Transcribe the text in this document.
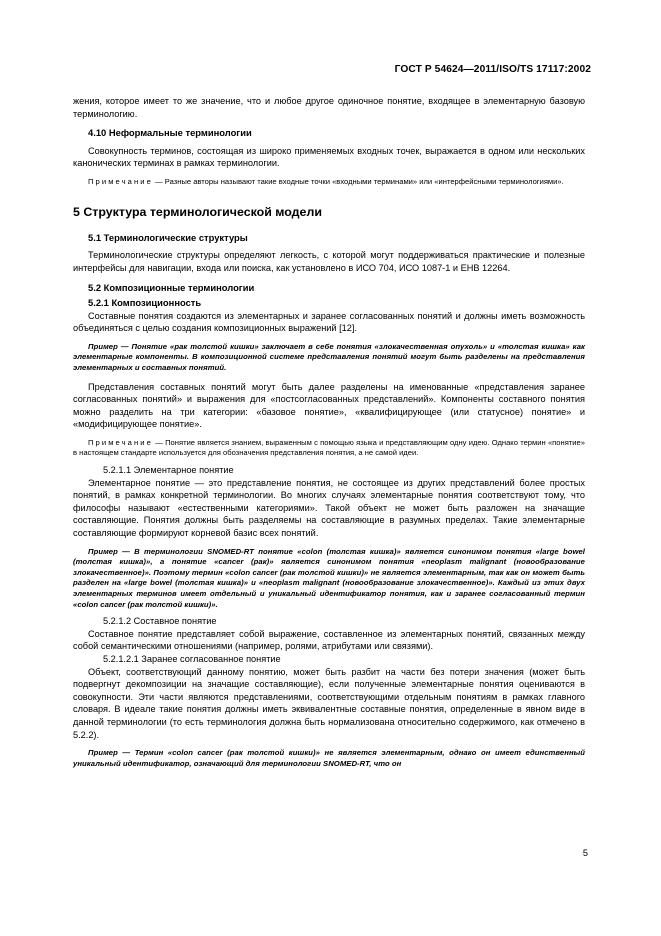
ГОСТ Р 54624—2011/ISO/TS 17117:2002

жения, которое имеет то же значение, что и любое другое одиночное понятие, входящее в элементарную базовую терминологию.

4.10 Неформальные терминологии

Совокупность терминов, состоящая из широко применяемых входных точек, выражается в одном или нескольких канонических терминах в рамках терминологии.

Примечание — Разные авторы называют такие входные точки «входными терминами» или «интерфейсными терминологиями».

5 Структура терминологической модели

5.1 Терминологические структуры

Терминологические структуры определяют легкость, с которой могут поддерживаться практические и полезные интерфейсы для навигации, входа или поиска, как установлено в ИСО 704, ИСО 1087-1 и ЕНВ 12264.

5.2 Композиционные терминологии

5.2.1 Композиционность

Составные понятия создаются из элементарных и заранее согласованных понятий и должны иметь возможность объединяться с целью создания композиционных выражений [12].

Пример — Понятие «рак толстой кишки» заключает в себе понятия «злокачественная опухоль» и «толстая кишка» как элементарные компоненты. В композиционной системе представления понятий могут быть разделены на представления элементарных и составных понятий.

Представления составных понятий могут быть далее разделены на именованные «представления заранее согласованных понятий» и выражения для «постсогласованных представлений». Компоненты составного понятия можно разделить на три категории: «базовое понятие», «квалифицирующее (или статусное) понятие» и «модифицирующее понятие».

Примечание — Понятие является знанием, выраженным с помощью языка и представляющим одну идею. Однако термин «понятие» в настоящем стандарте используется для обозначения представления понятия, а не самой идеи.

5.2.1.1 Элементарное понятие

Элементарное понятие — это представление понятия, не состоящее из других представлений более простых понятий, в рамках конкретной терминологии. Во многих случаях элементарные понятия соответствуют тому, что философы называют «естественными категориями». Такой объект не может быть разложен на значащие составляющие. Понятия должны быть разделяемы на составляющие в разумных пределах. Такие элементарные составляющие формируют корневой базис всех понятий.

Пример — В терминологии SNOMED-RT понятие «colon (толстая кишка)» является синонимом понятия «large bowel (толстая кишка)», а понятие «cancer (рак)» является синонимом понятия «neoplasm malignant (новообразование злокачественное)». Поэтому термин «colon cancer (рак толстой кишки)» не является элементарным, так как он может быть разделен на «large bowel (толстая кишка)» и «neoplasm malignant (новообразование злокачественное)». Каждый из этих двух элементарных терминов имеет отдельный и уникальный идентификатор понятия, как и заранее согласованный термин «colon cancer (рак толстой кишки)».

5.2.1.2 Составное понятие

Составное понятие представляет собой выражение, составленное из элементарных понятий, связанных между собой семантическими отношениями (например, ролями, атрибутами или связями).

5.2.1.2.1 Заранее согласованное понятие

Объект, соответствующий данному понятию, может быть разбит на части без потери значения (может быть подвергнут декомпозиции на значащие составляющие), если полученные элементарные понятия оцениваются в совокупности. Эти части являются представлениями, соответствующими отдельным понятиям в рамках главного словаря. В идеале такие понятия должны иметь эквивалентные составные понятия, определенные в явном виде в данной терминологии (то есть терминология должна быть нормализована относительно содержимого, как отмечено в 5.2.2).

Пример — Термин «colon cancer (рак толстой кишки)» не является элементарным, однако он имеет единственный уникальный идентификатор, означающий для терминологии SNOMED-RT, что он

5
